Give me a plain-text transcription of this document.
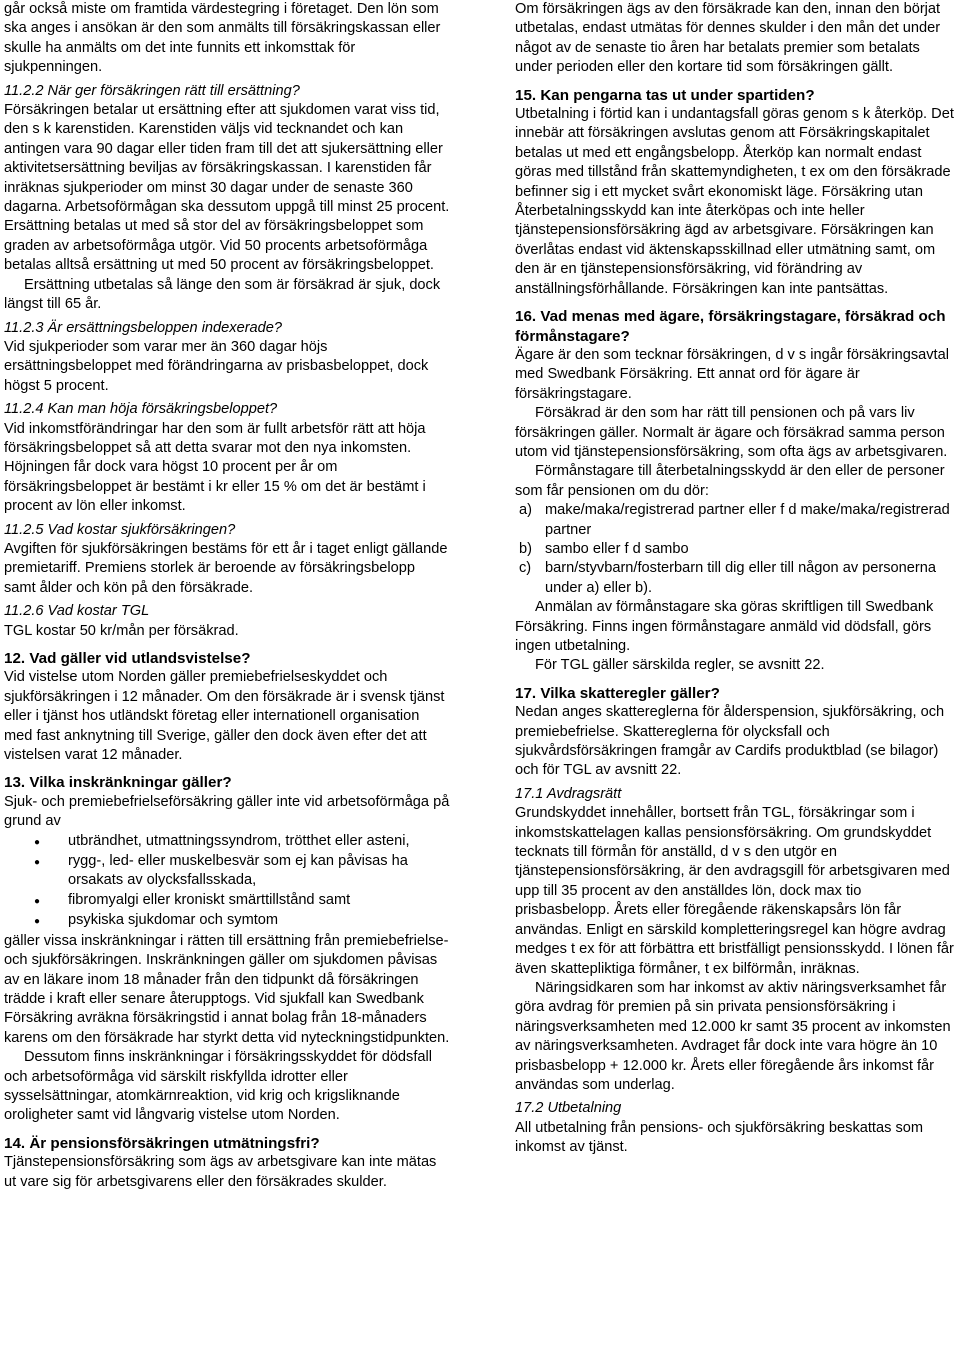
går också miste om framtida värdestegring i företaget. Den lön som ska anges i ansökan är den som anmälts till försäkringskassan eller skulle ha anmälts om det inte funnits ett inkomsttak för sjukpenningen.

11.2.2 När ger försäkringen rätt till ersättning?

Försäkringen betalar ut ersättning efter att sjukdomen varat viss tid, den s k karenstiden. Karenstiden väljs vid tecknandet och kan antingen vara 90 dagar eller tiden fram till det att sjukersättning eller aktivitetsersättning beviljas av försäkringskassan. I karenstiden får inräknas sjukperioder om minst 30 dagar under de senaste 360 dagarna. Arbetsoförmågan ska dessutom uppgå till minst 25 procent. Ersättning betalas ut med så stor del av försäkringsbeloppet som graden av arbetsoförmåga utgör. Vid 50 procents arbetsoförmåga betalas alltså ersättning ut med 50 procent av försäkringsbeloppet.

Ersättning utbetalas så länge den som är försäkrad är sjuk, dock längst till 65 år.

11.2.3 Är ersättningsbeloppen indexerade?

Vid sjukperioder som varar mer än 360 dagar höjs ersättningsbeloppet med förändringarna av prisbasbeloppet, dock högst 5 procent.

11.2.4 Kan man höja försäkringsbeloppet?

Vid inkomstförändringar har den som är fullt arbetsför rätt att höja försäkringsbeloppet så att detta svarar mot den nya inkomsten. Höjningen får dock vara högst 10 procent per år om försäkringsbeloppet är bestämt i kr eller 15 % om det är bestämt i procent av lön eller inkomst.

11.2.5 Vad kostar sjukförsäkringen?

Avgiften för sjukförsäkringen bestäms för ett år i taget enligt gällande premietariff. Premiens storlek är beroende av försäkringsbelopp samt ålder och kön på den försäkrade.

11.2.6 Vad kostar TGL

TGL kostar 50 kr/mån per försäkrad.

12. Vad gäller vid utlandsvistelse?

Vid vistelse utom Norden gäller premiebefrielseskyddet och sjukförsäkringen i 12 månader. Om den försäkrade är i svensk tjänst eller i tjänst hos utländskt företag eller internationell organisation med fast anknytning till Sverige, gäller den dock även efter det att vistelsen varat 12 månader.

13. Vilka inskränkningar gäller?

Sjuk- och premiebefrielseförsäkring gäller inte vid arbetsoförmåga på grund av

●
utbrändhet, utmattningssyndrom, trötthet eller asteni,
●
rygg-, led- eller muskelbesvär som ej kan påvisas ha orsakats av olycksfallsskada,
●
fibromyalgi eller kroniskt smärttillstånd samt
●
psykiska sjukdomar och symtom

gäller vissa inskränkningar i rätten till ersättning från premiebefrielse- och sjukförsäkringen. Inskränkningen gäller om sjukdomen påvisas av en läkare inom 18 månader från den tidpunkt då försäkringen trädde i kraft eller senare återupptogs. Vid sjukfall kan Swedbank Försäkring avräkna försäkringstid i annat bolag från 18-månaders karens om den försäkrade har styrkt detta vid nyteckningstidpunkten.

Dessutom finns inskränkningar i försäkringsskyddet för dödsfall och arbetsoförmåga vid särskilt riskfyllda idrotter eller sysselsättningar, atomkärnreaktion, vid krig och krigsliknande oroligheter samt vid långvarig vistelse utom Norden.

14. Är pensionsförsäkringen utmätningsfri?

Tjänstepensionsförsäkring som ägs av arbetsgivare kan inte mätas ut vare sig för arbetsgivarens eller den försäkrades skulder.

Om försäkringen ägs av den försäkrade kan den, innan den börjat utbetalas, endast utmätas för dennes skulder i den mån det under något av de senaste tio åren har betalats premier som betalats under perioden eller den kortare tid som försäkringen gällt.

15. Kan pengarna tas ut under spartiden?

Utbetalning i förtid kan i undantagsfall göras genom s k återköp. Det innebär att försäkringen avslutas genom att Försäkringskapitalet betalas ut med ett engångsbelopp. Återköp kan normalt endast göras med tillstånd från skattemyndigheten, t ex om den försäkrade befinner sig i ett mycket svårt ekonomiskt läge. Försäkring utan Återbetalningsskydd kan inte återköpas och inte heller tjänstepensionsförsäkring ägd av arbetsgivare. Försäkringen kan överlåtas endast vid äktenskapsskillnad eller utmätning samt, om den är en tjänstepensionsförsäkring, vid förändring av anställningsförhållande. Försäkringen kan inte pantsättas.

16. Vad menas med ägare, försäkringstagare, försäkrad och förmånstagare?

Ägare är den som tecknar försäkringen, d v s ingår försäkringsavtal med Swedbank Försäkring. Ett annat ord för ägare är försäkringstagare.

Försäkrad är den som har rätt till pensionen och på vars liv försäkringen gäller. Normalt är ägare och försäkrad samma person utom vid tjänstepensionsförsäkring, som ofta ägs av arbetsgivaren.

Förmånstagare till återbetalningsskydd är den eller de personer som får pensionen om du dör:

a) make/maka/registrerad partner eller f d make/maka/registrerad partner
b) sambo eller f d sambo
c) barn/styvbarn/fosterbarn till dig eller till någon av personerna under a) eller b).

Anmälan av förmånstagare ska göras skriftligen till Swedbank Försäkring. Finns ingen förmånstagare anmäld vid dödsfall, görs ingen utbetalning.

För TGL gäller särskilda regler, se avsnitt 22.

17. Vilka skatteregler gäller?

Nedan anges skattereglerna för ålderspension, sjukförsäkring, och premiebefrielse. Skattereglerna för olycksfall och sjukvårdsförsäkringen framgår av Cardifs produktblad (se bilagor) och för TGL av avsnitt 22.

17.1 Avdragsrätt

Grundskyddet innehåller, bortsett från TGL, försäkringar som i inkomstskattelagen kallas pensionsförsäkring. Om grundskyddet tecknats till förmån för anställd, d v s den utgör en tjänstepensionsförsäkring, är den avdragsgill för arbetsgivaren med upp till 35 procent av den anställdes lön, dock max tio prisbasbelopp. Årets eller föregående räkenskapsårs lön får användas. Enligt en särskild kompletteringsregel kan högre avdrag medges t ex för att förbättra ett bristfälligt pensionsskydd. I lönen får även skattepliktiga förmåner, t ex bilförmån, inräknas.

Näringsidkaren som har inkomst av aktiv näringsverksamhet får göra avdrag för premien på sin privata pensionsförsäkring i näringsverksamheten med 12.000 kr samt 35 procent av inkomsten av näringsverksamheten. Avdraget får dock inte vara högre än 10 prisbasbelopp + 12.000 kr. Årets eller föregående års inkomst får användas som underlag.

17.2 Utbetalning

All utbetalning från pensions- och sjukförsäkring beskattas som inkomst av tjänst.
